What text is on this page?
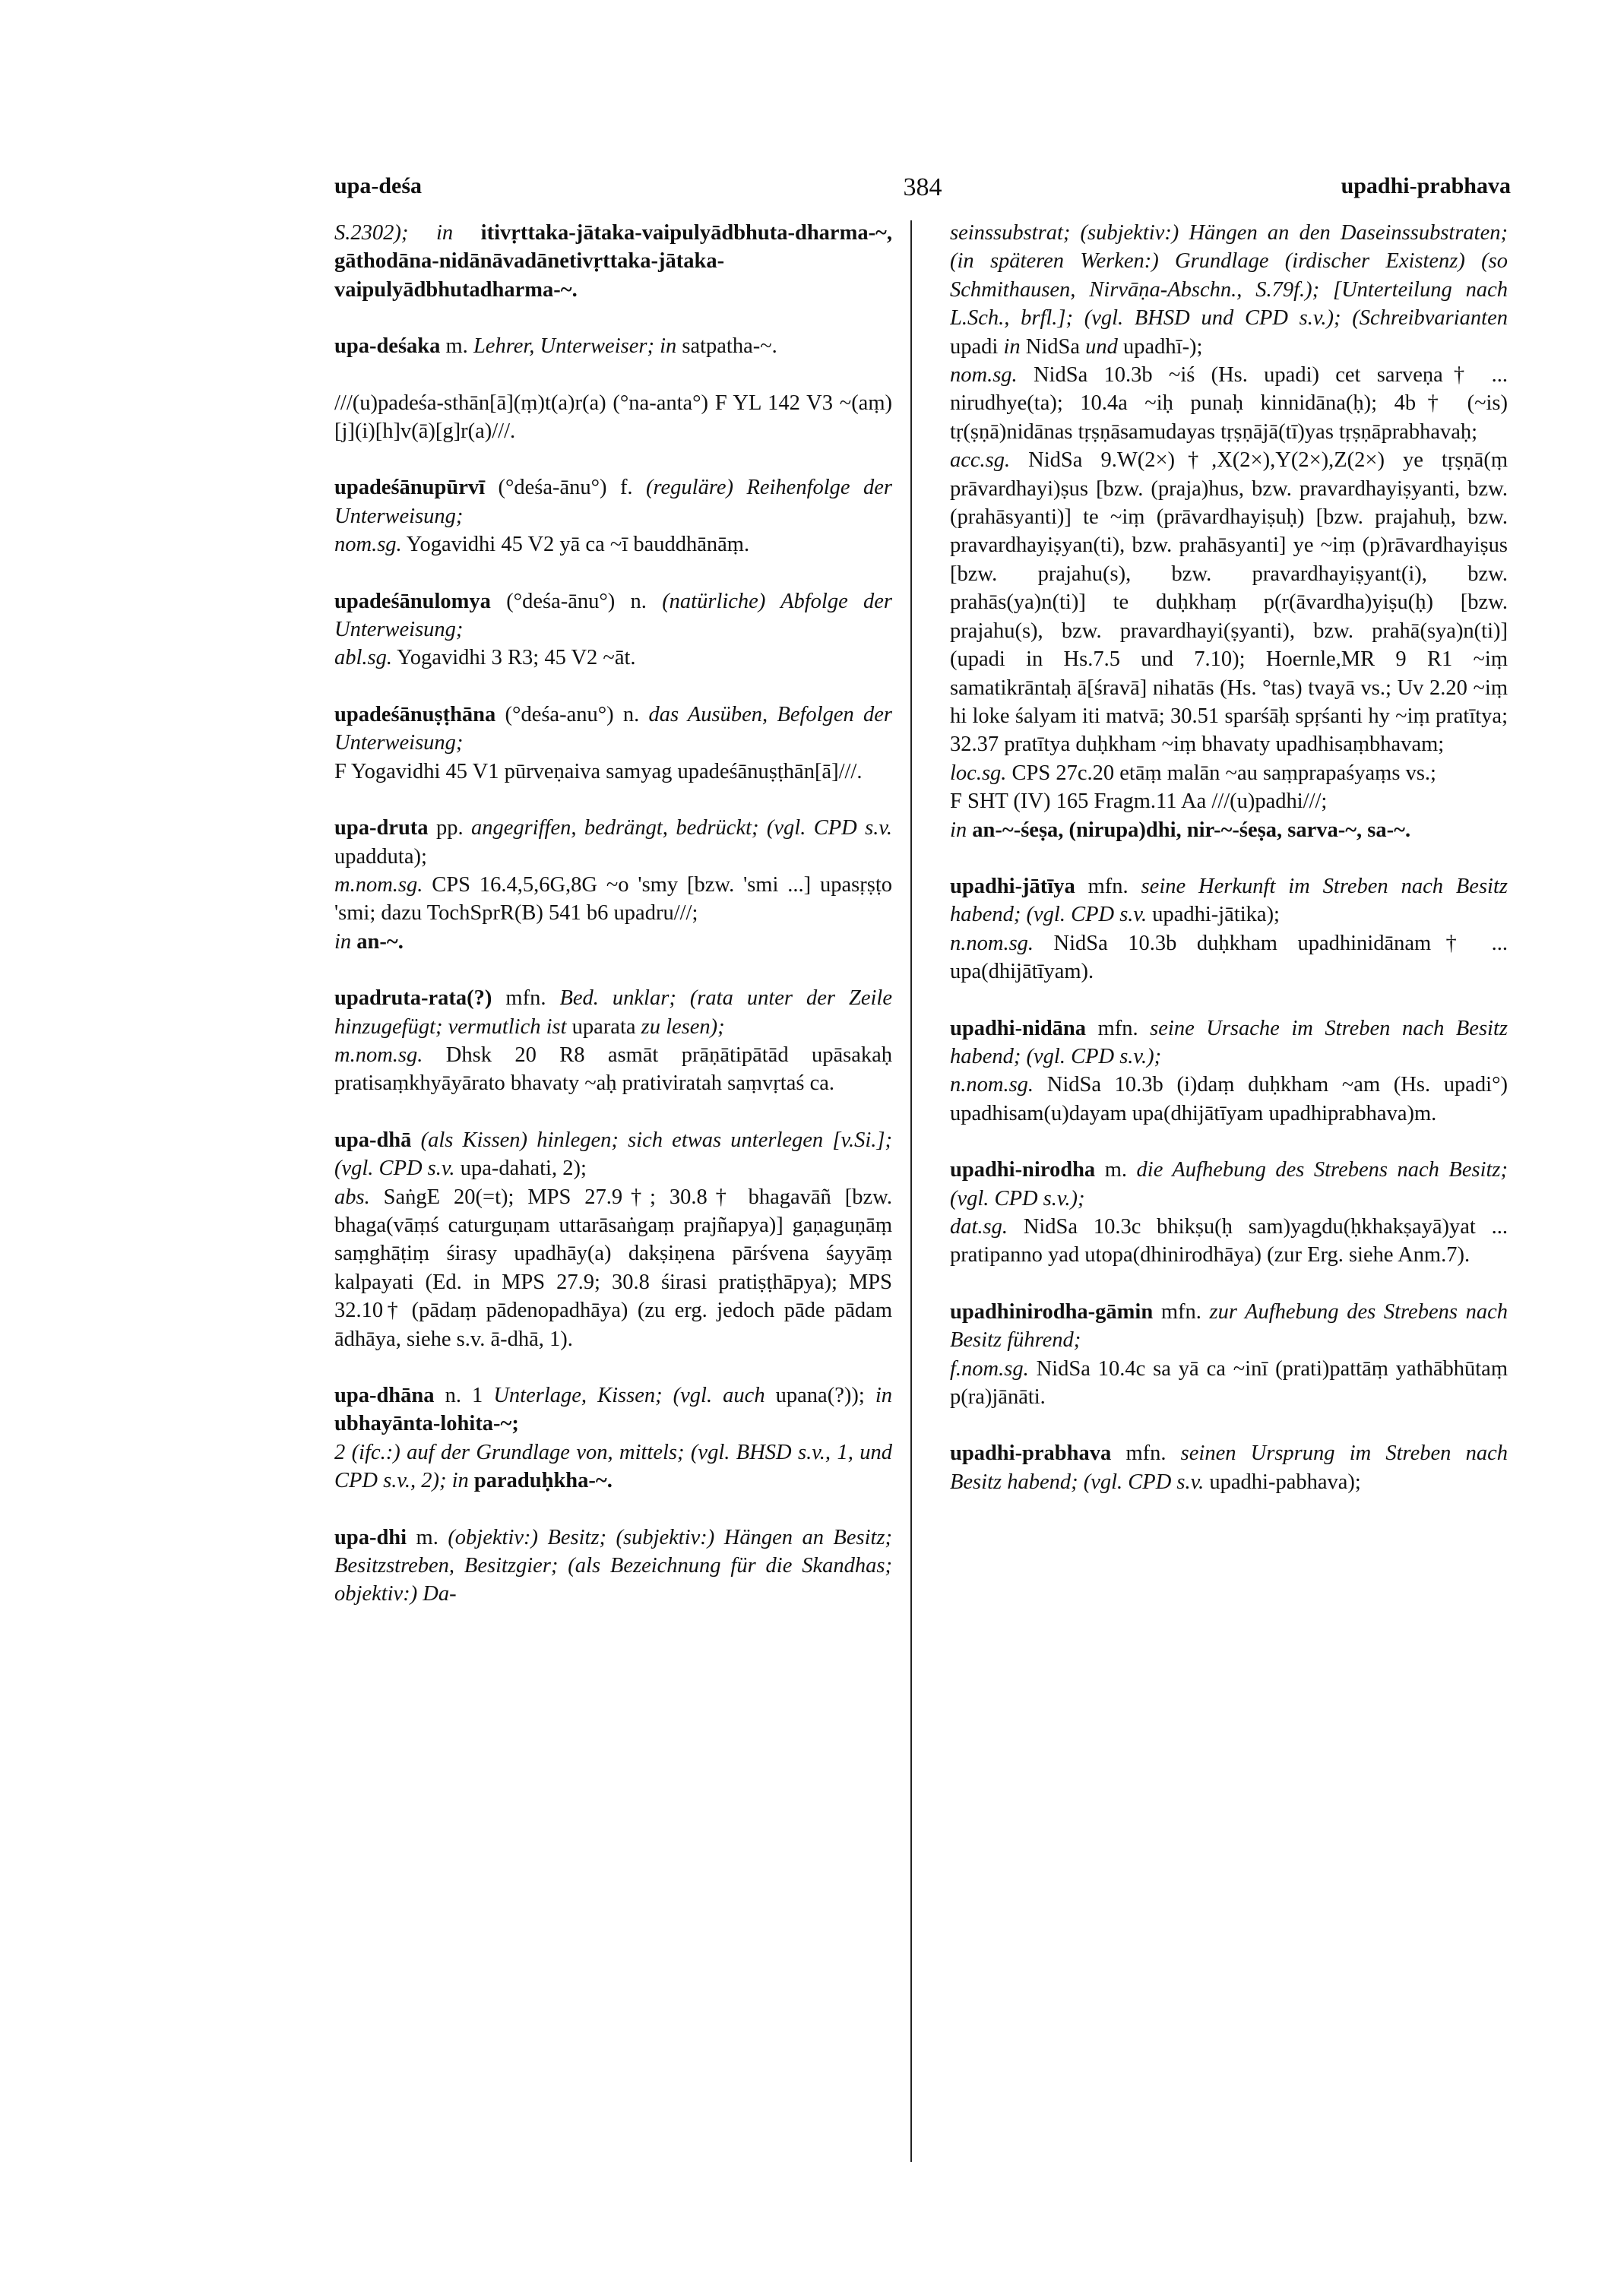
upa-deśa	384	upadhi-prabhava

S.2302); in itivṛttaka-jātaka-vaipulyādbhuta-dharma-~, gāthodāna-nidānāvadānetivṛttaka-jātaka-vaipulyādbhutadharma-~.

upa-deśaka m. Lehrer, Unterweiser; in satpatha-~.

///(u)padeśa-sthān[ā](ṃ)t(a)r(a) (°na-anta°) F YL 142 V3 ~(aṃ) [j](i)[h]v(ā)[g]r(a)///.

upadeśānupūrvī (°deśa-ānu°) f. (reguläre) Reihenfolge der Unterweisung;
nom.sg. Yogavidhi 45 V2 yā ca ~ī bauddhānāṃ.

upadeśānulomya (°deśa-ānu°) n. (natürliche) Abfolge der Unterweisung;
abl.sg. Yogavidhi 3 R3; 45 V2 ~āt.

upadeśānuṣṭhāna (°deśa-anu°) n. das Ausüben, Befolgen der Unterweisung;
F Yogavidhi 45 V1 pūrveṇaiva samyag upadeśānuṣṭhān[ā]///.

upa-druta pp. angegriffen, bedrängt, bedrückt; (vgl. CPD s.v. upadduta);
m.nom.sg. CPS 16.4,5,6G,8G ~o 'smy [bzw. 'smi ...] upasṛṣṭo 'smi; dazu TochSprR(B) 541 b6 upadru///;
in an-~.

upadruta-rata(?) mfn. Bed. unklar; (rata unter der Zeile hinzugefügt; vermutlich ist uparata zu lesen);
m.nom.sg. Dhsk 20 R8 asmāt prāṇātipātād upāsakaḥ pratisaṃkhyāyārato bhavaty ~aḥ prativiratah saṃvṛtaś ca.

upa-dhā (als Kissen) hinlegen; sich etwas unterlegen [v.Si.]; (vgl. CPD s.v. upa-dahati, 2);
abs. SaṅgE 20(=t); MPS 27.9†; 30.8† bhagavāñ [bzw. bhaga(vāṃś caturguṇam uttarāsaṅgaṃ prajñapya)] gaṇaguṇāṃ saṃghāṭiṃ śirasy upadhāy(a) dakṣiṇena pārśvena śayyāṃ kalpayati (Ed. in MPS 27.9; 30.8 śirasi pratiṣṭhāpya); MPS 32.10† (pādaṃ pādenopadhāya) (zu erg. jedoch pāde pādam ādhāya, siehe s.v. ā-dhā, 1).

upa-dhāna n. 1 Unterlage, Kissen; (vgl. auch upana(?)); in ubhayānta-lohita-~;
2 (ifc.:) auf der Grundlage von, mittels; (vgl. BHSD s.v., 1, und CPD s.v., 2); in paraduḥkha-~.

upa-dhi m. (objektiv:) Besitz; (subjektiv:) Hängen an Besitz; Besitzstreben, Besitzgier; (als Bezeichnung für die Skandhas; objektiv:) Da-

seinssubstrat; (subjektiv:) Hängen an den Daseinssubstraten; (in späteren Werken:) Grundlage (irdischer Existenz) (so Schmithausen, Nirvāṇa-Abschn., S.79f.); [Unterteilung nach L.Sch., brfl.]; (vgl. BHSD und CPD s.v.); (Schreibvarianten upadi in NidSa und upadhī-);
nom.sg. NidSa 10.3b ~iś (Hs. upadi) cet sarveṇa† ... nirudhye(ta); 10.4a ~iḥ punaḥ kinnidāna(ḥ); 4b† (~is) tṛ(ṣṇā)nidānas tṛṣṇāsamudayas tṛṣṇājā(tī)yas tṛṣṇāprabhavaḥ;
acc.sg. NidSa 9.W(2×)†,X(2×),Y(2×),Z(2×) ye tṛṣṇā(ṃ prāvardhayi)ṣus [bzw. (praja)hus, bzw. pravardhayiṣyanti, bzw. (prahāsyanti)] te ~iṃ (prāvardhayiṣuḥ) [bzw. prajahuḥ, bzw. pravardhayiṣyan(ti), bzw. prahāsyanti] ye ~iṃ (p)rāvardhayiṣus [bzw. prajahu(s), bzw. pravardhayiṣyant(i), bzw. prahās(ya)n(ti)] te duḥkhaṃ p(r(āvardha)yiṣu(ḥ) [bzw. prajahu(s), bzw. pravardhayi(ṣyanti), bzw. prahā(sya)n(ti)] (upadi in Hs.7.5 und 7.10); Hoernle,MR 9 R1 ~iṃ samatikrāntaḥ ā[śravā] nihatās (Hs. °tas) tvayā vs.; Uv 2.20 ~iṃ hi loke śalyam iti matvā; 30.51 sparśāḥ spṛśanti hy ~iṃ pratītya; 32.37 pratītya duḥkham ~iṃ bhavaty upadhisaṃbhavam;
loc.sg. CPS 27c.20 etāṃ malān ~au saṃprapaśyaṃs vs.;
F SHT (IV) 165 Fragm.11 Aa ///(u)padhi///;
in an-~-śeṣa, (nirupa)dhi, nir-~-śeṣa, sarva-~, sa-~.

upadhi-jātīya mfn. seine Herkunft im Streben nach Besitz habend; (vgl. CPD s.v. upadhi-jātika);
n.nom.sg. NidSa 10.3b duḥkham upadhinidānam† ... upa(dhijātīyam).

upadhi-nidāna mfn. seine Ursache im Streben nach Besitz habend; (vgl. CPD s.v.);
n.nom.sg. NidSa 10.3b (i)daṃ duḥkham ~am (Hs. upadi°) upadhisam(u)dayam upa(dhijātīyam upadhiprabhava)m.

upadhi-nirodha m. die Aufhebung des Strebens nach Besitz; (vgl. CPD s.v.);
dat.sg. NidSa 10.3c bhikṣu(ḥ sam)yagdu(ḥkhakṣayā)yat ... pratipanno yad utopa(dhinirodhāya) (zur Erg. siehe Anm.7).

upadhinirodha-gāmin mfn. zur Aufhebung des Strebens nach Besitz führend;
f.nom.sg. NidSa 10.4c sa yā ca ~inī (prati)pattāṃ yathābhūtaṃ p(ra)jānāti.

upadhi-prabhava mfn. seinen Ursprung im Streben nach Besitz habend; (vgl. CPD s.v. upadhi-pabhava);
